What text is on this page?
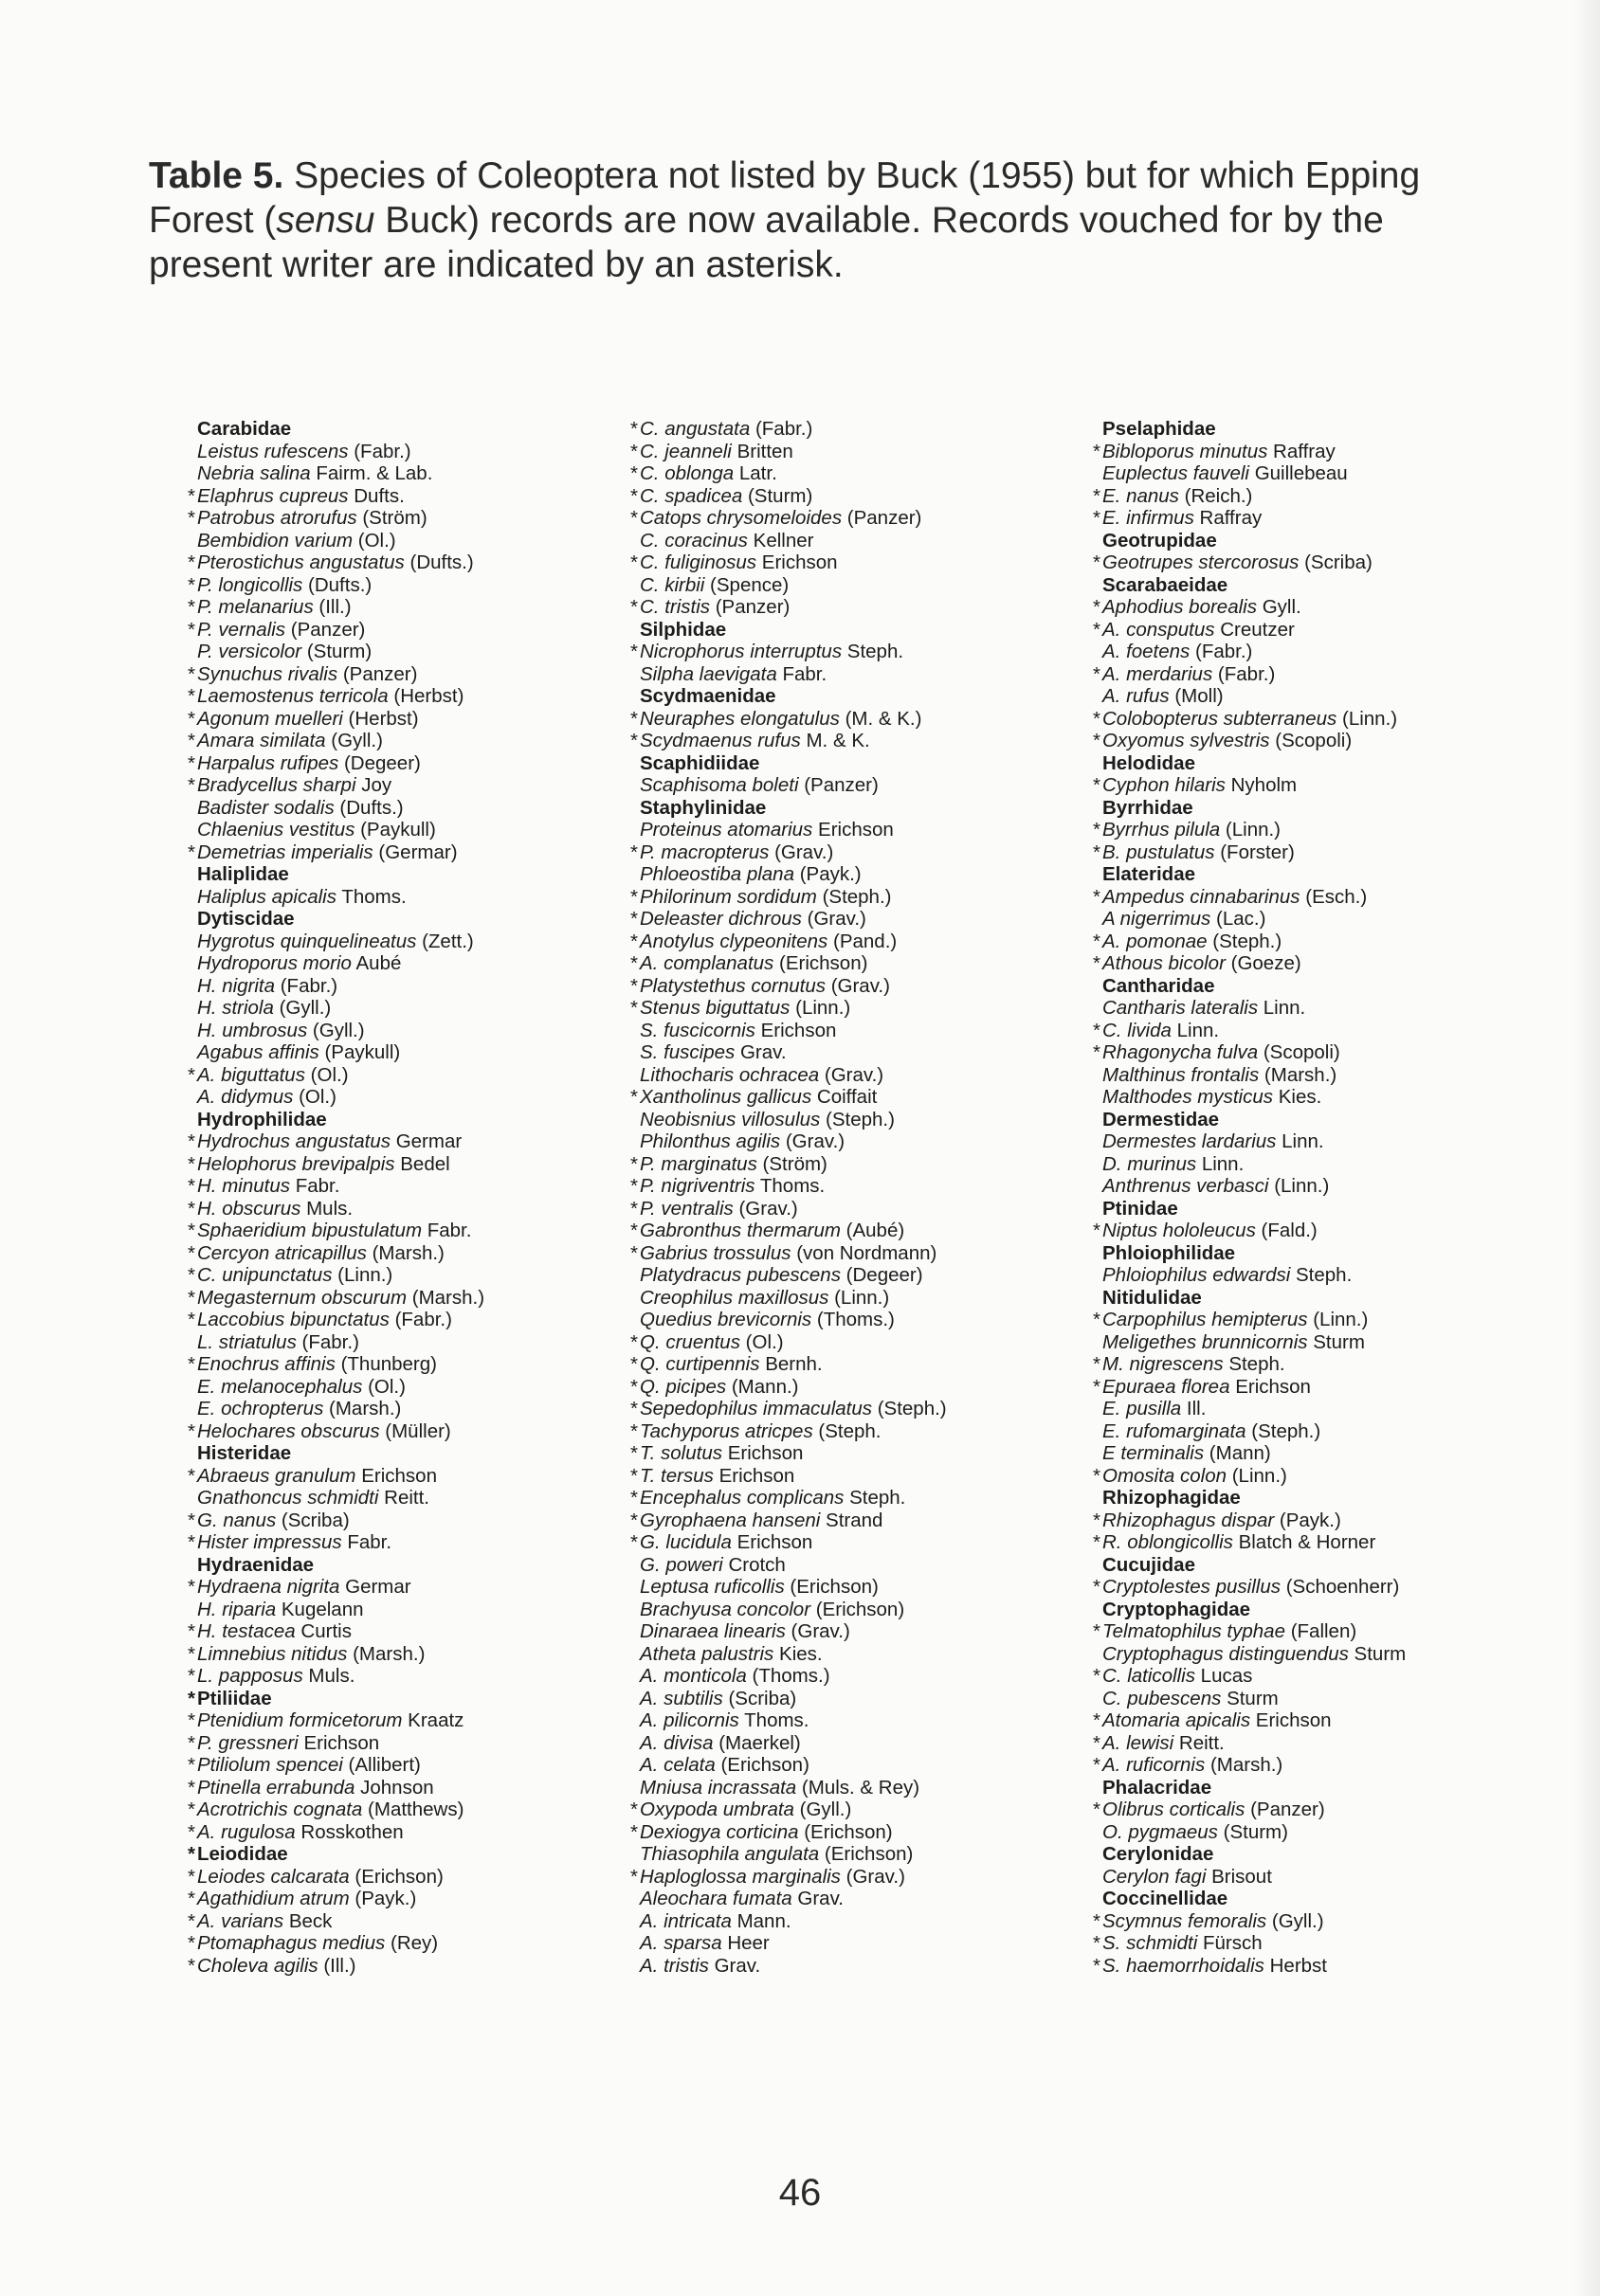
Table 5. Species of Coleoptera not listed by Buck (1955) but for which Epping Forest (sensu Buck) records are now available. Records vouched for by the present writer are indicated by an asterisk.

Carabidae
Leistus rufescens (Fabr.)
Nebria salina Fairm. & Lab.
*Elaphrus cupreus Dufts.
*Patrobus atrorufus (Ström)
Bembidion varium (Ol.)
*Pterostichus angustatus (Dufts.)
*P. longicollis (Dufts.)
*P. melanarius (Ill.)
*P. vernalis (Panzer)
P. versicolor (Sturm)
*Synuchus rivalis (Panzer)
*Laemostenus terricola (Herbst)
*Agonum muelleri (Herbst)
*Amara similata (Gyll.)
*Harpalus rufipes (Degeer)
*Bradycellus sharpi Joy
Badister sodalis (Dufts.)
Chlaenius vestitus (Paykull)
*Demetrias imperialis (Germar)
Haliplidae
Haliplus apicalis Thoms.
Dytiscidae
Hygrotus quinquelineatus (Zett.)
Hydroporus morio Aubé
H. nigrita (Fabr.)
H. striola (Gyll.)
H. umbrosus (Gyll.)
Agabus affinis (Paykull)
*A. biguttatus (Ol.)
A. didymus (Ol.)
Hydrophilidae
*Hydrochus angustatus Germar
*Helophorus brevipalpis Bedel
*H. minutus Fabr.
*H. obscurus Muls.
*Sphaeridium bipustulatum Fabr.
*Cercyon atricapillus (Marsh.)
*C. unipunctatus (Linn.)
*Megasternum obscurum (Marsh.)
*Laccobius bipunctatus (Fabr.)
L. striatulus (Fabr.)
*Enochrus affinis (Thunberg)
E. melanocephalus (Ol.)
E. ochropterus (Marsh.)
*Helochares obscurus (Müller)
Histeridae
*Abraeus granulum Erichson
Gnathoncus schmidti Reitt.
*G. nanus (Scriba)
*Hister impressus Fabr.
Hydraenidae
*Hydraena nigrita Germar
H. riparia Kugelann
*H. testacea Curtis
*Limnebius nitidus (Marsh.)
*L. papposus Muls.
*Ptiliidae
*Ptenidium formicetorum Kraatz
*P. gressneri Erichson
*Ptiliolum spencei (Allibert)
*Ptinella errabunda Johnson
*Acrotrichis cognata (Matthews)
*A. rugulosa Rosskothen
*Leiodidae
*Leiodes calcarata (Erichson)
*Agathidium atrum (Payk.)
*A. varians Beck
*Ptomaphagus medius (Rey)
*Choleva agilis (Ill.)
*C. angustata (Fabr.)
*C. jeanneli Britten
*C. oblonga Latr.
*C. spadicea (Sturm)
*Catops chrysomeloides (Panzer)
C. coracinus Kellner
*C. fuliginosus Erichson
C. kirbii (Spence)
*C. tristis (Panzer)
Silphidae
*Nicrophorus interruptus Steph.
Silpha laevigata Fabr.
Scydmaenidae
*Neuraphes elongatulus (M. & K.)
*Scydmaenus rufus M. & K.
Scaphidiidae
Scaphisoma boleti (Panzer)
Staphylinidae
Proteinus atomarius Erichson
*P. macropterus (Grav.)
Phloeostiba plana (Payk.)
*Philorinum sordidum (Steph.)
*Deleaster dichrous (Grav.)
*Anotylus clypeonitens (Pand.)
*A. complanatus (Erichson)
*Platystethus cornutus (Grav.)
*Stenus biguttatus (Linn.)
S. fuscicornis Erichson
S. fuscipes Grav.
Lithocharis ochracea (Grav.)
*Xantholinus gallicus Coiffait
Neobisnius villosulus (Steph.)
Philonthus agilis (Grav.)
*P. marginatus (Ström)
*P. nigriventris Thoms.
*P. ventralis (Grav.)
*Gabronthus thermarum (Aubé)
*Gabrius trossulus (von Nordmann)
Platydracus pubescens (Degeer)
Creophilus maxillosus (Linn.)
Quedius brevicornis (Thoms.)
*Q. cruentus (Ol.)
*Q. curtipennis Bernh.
*Q. picipes (Mann.)
*Sepedophilus immaculatus (Steph.)
*Tachyporus atricpes (Steph.
*T. solutus Erichson
*T. tersus Erichson
*Encephalus complicans Steph.
*Gyrophaena hanseni Strand
*G. lucidula Erichson
G. poweri Crotch
Leptusa ruficollis (Erichson)
Brachyusa concolor (Erichson)
Dinaraea linearis (Grav.)
Atheta palustris Kies.
A. monticola (Thoms.)
A. subtilis (Scriba)
A. pilicornis Thoms.
A. divisa (Maerkel)
A. celata (Erichson)
Mniusa incrassata (Muls. & Rey)
*Oxypoda umbrata (Gyll.)
*Dexiogya corticina (Erichson)
Thiasophila angulata (Erichson)
*Haploglossa marginalis (Grav.)
Aleochara fumata Grav.
A. intricata Mann.
A. sparsa Heer
A. tristis Grav.
Pselaphidae
*Bibloporus minutus Raffray
Euplectus fauveli Guillebeau
*E. nanus (Reich.)
*E. infirmus Raffray
Geotrupidae
*Geotrupes stercorosus (Scriba)
Scarabaeidae
*Aphodius borealis Gyll.
*A. consputus Creutzer
A. foetens (Fabr.)
*A. merdarius (Fabr.)
A. rufus (Moll)
*Colobopterus subterraneus (Linn.)
*Oxyomus sylvestris (Scopoli)
Helodidae
*Cyphon hilaris Nyholm
Byrrhidae
*Byrrhus pilula (Linn.)
*B. pustulatus (Forster)
Elateridae
*Ampedus cinnabarinus (Esch.)
A nigerrimus (Lac.)
*A. pomonae (Steph.)
*Athous bicolor (Goeze)
Cantharidae
Cantharis lateralis Linn.
*C. livida Linn.
*Rhagonycha fulva (Scopoli)
Malthinus frontalis (Marsh.)
Malthodes mysticus Kies.
Dermestidae
Dermestes lardarius Linn.
D. murinus Linn.
Anthrenus verbasci (Linn.)
Ptinidae
*Niptus hololeucus (Fald.)
Phloiophilidae
Phloiophilus edwardsi Steph.
Nitidulidae
*Carpophilus hemipterus (Linn.)
Meligethes brunnicornis Sturm
*M. nigrescens Steph.
*Epuraea florea Erichson
E. pusilla Ill.
E. rufomarginata (Steph.)
E terminalis (Mann)
*Omosita colon (Linn.)
Rhizophagidae
*Rhizophagus dispar (Payk.)
*R. oblongicollis Blatch & Horner
Cucujidae
*Cryptolestes pusillus (Schoenherr)
Cryptophagidae
*Telmatophilus typhae (Fallen)
Cryptophagus distinguendus Sturm
*C. laticollis Lucas
C. pubescens Sturm
*Atomaria apicalis Erichson
*A. lewisi Reitt.
*A. ruficornis (Marsh.)
Phalacridae
*Olibrus corticalis (Panzer)
O. pygmaeus (Sturm)
Cerylonidae
Cerylon fagi Brisout
Coccinellidae
*Scymnus femoralis (Gyll.)
*S. schmidti Fürsch
*S. haemorrhoidalis Herbst
46
